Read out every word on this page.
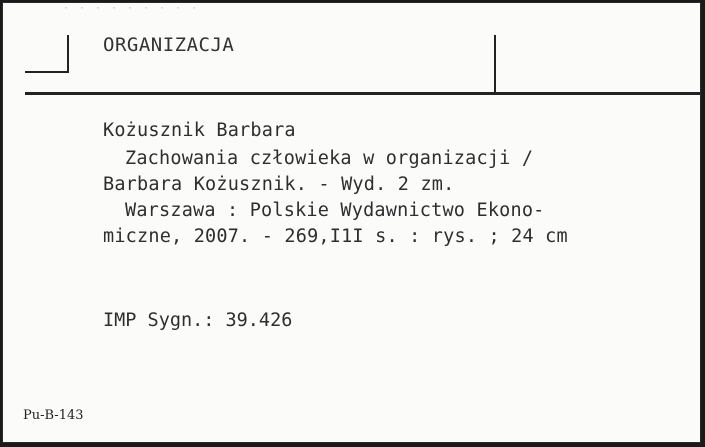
· · · · · · · · ·
ORGANIZACJA
Kożusznik Barbara
Zachowania człowieka w organizacji /
Barbara Kożusznik. - Wyd. 2 zm.
Warszawa : Polskie Wydawnictwo Ekono-
miczne, 2007. - 269,I1I s. : rys. ; 24 cm
IMP Sygn.: 39.426
Pu-B-143
